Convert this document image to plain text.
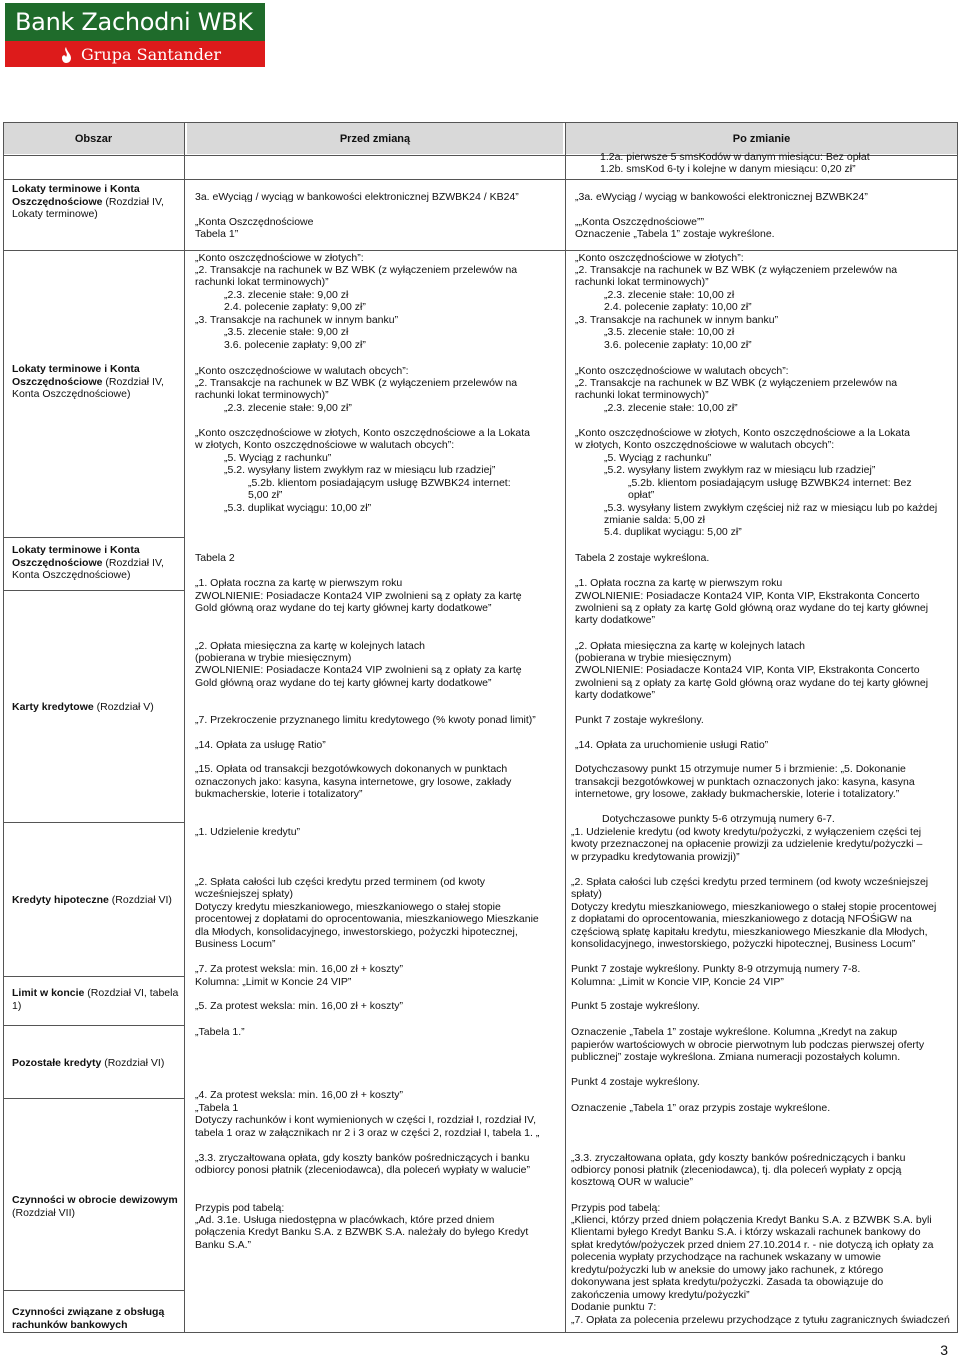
Bank Zachodni WBK
Grupa Santander
Obszar	Przed zmianą	Po zmianie
Lokaty terminowe i Konta Oszczędnościowe (Rozdział IV, Lokaty terminowe)
Lokaty terminowe i Konta Oszczędnościowe (Rozdział IV, Konta Oszczędnościowe)
Lokaty terminowe i Konta Oszczędnościowe (Rozdział IV, Konta Oszczędnościowe)
Karty kredytowe (Rozdział V)
Kredyty hipoteczne (Rozdział VI)
Limit w koncie (Rozdział VI, tabela 1)
Pozostałe kredyty (Rozdział VI)
Czynności w obrocie dewizowym (Rozdział VII)
Czynności związane z obsługą rachunków bankowych
3a. eWyciąg / wyciąg w bankowości elektronicznej BZWBK24 / KB24”
„Konta Oszczędnościowe
Tabela 1”
„Konto oszczędnościowe w złotych”:
„2. Transakcje na rachunek w BZ WBK (z wyłączeniem przelewów na
rachunki lokat terminowych)”
„2.3. zlecenie stałe: 9,00 zł
2.4. polecenie zapłaty: 9,00 zł”
„3. Transakcje na rachunek w innym banku”
„3.5. zlecenie stałe: 9,00 zł
3.6. polecenie zapłaty: 9,00 zł”
„Konto oszczędnościowe w walutach obcych”:
„2. Transakcje na rachunek w BZ WBK (z wyłączeniem przelewów na
rachunki lokat terminowych)”
„2.3. zlecenie stałe: 9,00 zł”
„Konto oszczędnościowe w złotych, Konto oszczędnościowe a la Lokata
w złotych, Konto oszczędnościowe w walutach obcych”:
„5. Wyciąg z rachunku”
„5.2. wysyłany listem zwykłym raz w miesiącu lub rzadziej”
„5.2b. klientom posiadającym usługę BZWBK24 internet:
5,00 zł”
„5.3. duplikat wyciągu: 10,00 zł”
Tabela 2
„1. Opłata roczna za kartę w pierwszym roku
ZWOLNIENIE: Posiadacze Konta24 VIP zwolnieni są z opłaty za kartę
Gold główną oraz wydane do tej karty głównej karty dodatkowe”
„2. Opłata miesięczna za kartę w kolejnych latach
(pobierana w trybie miesięcznym)
ZWOLNIENIE: Posiadacze Konta24 VIP zwolnieni są z opłaty za kartę
Gold główną oraz wydane do tej karty głównej karty dodatkowe”
„7. Przekroczenie przyznanego limitu kredytowego (% kwoty ponad limit)”
„14. Opłata za usługę Ratio”
„15. Opłata od transakcji bezgotówkowych dokonanych w punktach
oznaczonych jako: kasyna, kasyna internetowe, gry losowe, zakłady
bukmacherskie, loterie i totalizatory”
„1. Udzielenie kredytu”
„2. Spłata całości lub części kredytu przed terminem (od kwoty
wcześniejszej spłaty)
Dotyczy kredytu mieszkaniowego, mieszkaniowego o stałej stopie
procentowej z dopłatami do oprocentowania, mieszkaniowego Mieszkanie
dla Młodych, konsolidacyjnego, inwestorskiego, pożyczki hipotecznej,
Business Locum”
„7. Za protest weksla: min. 16,00 zł + koszty”
Kolumna: „Limit w Koncie 24 VIP”
„5. Za protest weksla: min. 16,00 zł + koszty”
„Tabela 1.”
„4. Za protest weksla: min. 16,00 zł + koszty”
„Tabela 1
Dotyczy rachunków i kont wymienionych w części I, rozdział I, rozdział IV,
tabela 1 oraz w załącznikach nr 2 i 3 oraz w części 2, rozdział I, tabela 1. „
„3.3. zryczałtowana opłata, gdy koszty banków pośredniczących i banku
odbiorcy ponosi płatnik (zleceniodawca), dla poleceń wypłaty w walucie”
Przypis pod tabelą:
„Ad. 3.1e. Usługa niedostępna w placówkach, które przed dniem
połączenia Kredyt Banku S.A. z BZWBK S.A. należały do byłego Kredyt
Banku S.A.”
1.2a. pierwsze 5 smsKodów w danym miesiącu: Bez opłat
1.2b. smsKod 6-ty i kolejne w danym miesiącu: 0,20 zł”
„3a. eWyciąg / wyciąg w bankowości elektronicznej BZWBK24”
„„Konta Oszczędnościowe””
Oznaczenie „Tabela 1” zostaje wykreślone.
„Konto oszczędnościowe w złotych”:
„2. Transakcje na rachunek w BZ WBK (z wyłączeniem przelewów na
rachunki lokat terminowych)”
„2.3. zlecenie stałe: 10,00 zł
2.4. polecenie zapłaty: 10,00 zł”
„3. Transakcje na rachunek w innym banku”
„3.5. zlecenie stałe: 10,00 zł
3.6. polecenie zapłaty: 10,00 zł”
„Konto oszczędnościowe w walutach obcych”:
„2. Transakcje na rachunek w BZ WBK (z wyłączeniem przelewów na
rachunki lokat terminowych)”
„2.3. zlecenie stałe: 10,00 zł”
„Konto oszczędnościowe w złotych, Konto oszczędnościowe a la Lokata
w złotych, Konto oszczędnościowe w walutach obcych”:
„5. Wyciąg z rachunku”
„5.2. wysyłany listem zwykłym raz w miesiącu lub rzadziej”
„5.2b. klientom posiadającym usługę BZWBK24 internet: Bez
opłat”
„5.3. wysyłany listem zwykłym częściej niż raz w miesiącu lub po każdej
zmianie salda: 5,00 zł
5.4. duplikat wyciągu: 5,00 zł”
Tabela 2 zostaje wykreślona.
„1. Opłata roczna za kartę w pierwszym roku
ZWOLNIENIE: Posiadacze Konta24 VIP, Konta VIP, Ekstrakonta Concerto
zwolnieni są z opłaty za kartę Gold główną oraz wydane do tej karty głównej
karty dodatkowe”
„2. Opłata miesięczna za kartę w kolejnych latach
(pobierana w trybie miesięcznym)
ZWOLNIENIE: Posiadacze Konta24 VIP, Konta VIP, Ekstrakonta Concerto
zwolnieni są z opłaty za kartę Gold główną oraz wydane do tej karty głównej
karty dodatkowe”
Punkt 7 zostaje wykreślony.
„14. Opłata za uruchomienie usługi Ratio”
Dotychczasowy punkt 15 otrzymuje numer 5 i brzmienie: „5. Dokonanie
transakcji bezgotówkowej w punktach oznaczonych jako: kasyna, kasyna
internetowe, gry losowe, zakłady bukmacherskie, loterie i totalizatory.”
Dotychczasowe punkty 5-6 otrzymują numery 6-7.
„1. Udzielenie kredytu (od kwoty kredytu/pożyczki, z wyłączeniem części tej
kwoty przeznaczonej na opłacenie prowizji za udzielenie kredytu/pożyczki –
w przypadku kredytowania prowizji)”
„2. Spłata całości lub części kredytu przed terminem (od kwoty wcześniejszej
spłaty)
Dotyczy kredytu mieszkaniowego, mieszkaniowego o stałej stopie procentowej
z dopłatami do oprocentowania, mieszkaniowego z dotacją NFOŚiGW na
częściową spłatę kapitału kredytu, mieszkaniowego Mieszkanie dla Młodych,
konsolidacyjnego, inwestorskiego, pożyczki hipotecznej, Business Locum”
Punkt 7 zostaje wykreślony. Punkty 8-9 otrzymują numery 7-8.
Kolumna: „Limit w Koncie VIP, Koncie 24 VIP”
Punkt 5 zostaje wykreślony.
Oznaczenie „Tabela 1” zostaje wykreślone. Kolumna „Kredyt na zakup
papierów wartościowych w obrocie pierwotnym lub podczas pierwszej oferty
publicznej” zostaje wykreślona. Zmiana numeracji pozostałych kolumn.
Punkt 4 zostaje wykreślony.
Oznaczenie „Tabela 1” oraz przypis zostaje wykreślone.
„3.3. zryczałtowana opłata, gdy koszty banków pośredniczących i banku
odbiorcy ponosi płatnik (zleceniodawca), tj. dla poleceń wypłaty z opcją
kosztową OUR w walucie”
Przypis pod tabelą:
„Klienci, którzy przed dniem połączenia Kredyt Banku S.A. z BZWBK S.A. byli
Klientami byłego Kredyt Banku S.A. i którzy wskazali rachunek bankowy do
spłat kredytów/pożyczek przed dniem 27.10.2014 r. - nie dotyczą ich opłaty za
polecenia wypłaty przychodzące na rachunek wskazany w umowie
kredytu/pożyczki lub w aneksie do umowy jako rachunek, z którego
dokonywana jest spłata kredytu/pożyczki. Zasada ta obowiązuje do
zakończenia umowy kredytu/pożyczki”
Dodanie punktu 7:
„7. Opłata za polecenia przelewu przychodzące z tytułu zagranicznych świadczeń
3
